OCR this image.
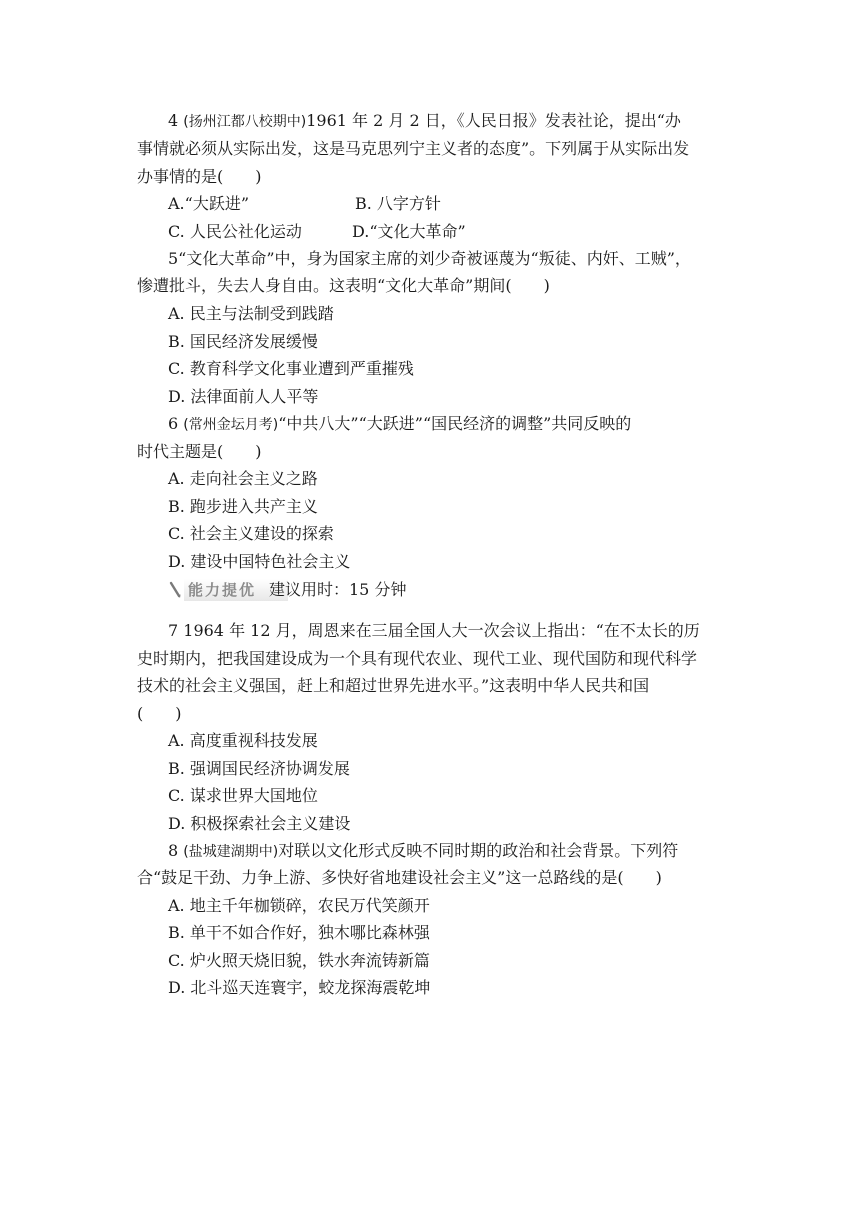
4 (扬州江都八校期中)1961 年 2 月 2 日，《人民日报》发表社论，提出“办
事情就必须从实际出发，这是马克思列宁主义者的态度”。下列属于从实际出发
办事情的是(　　)
A.“大跃进”	B. 八字方针
C. 人民公社化运动	D.“文化大革命”
5“文化大革命”中，身为国家主席的刘少奇被诬蔑为“叛徒、内奸、工贼”，
惨遭批斗，失去人身自由。这表明“文化大革命”期间(　　)
A. 民主与法制受到践踏
B. 国民经济发展缓慢
C. 教育科学文化事业遭到严重摧残
D. 法律面前人人平等
6 (常州金坛月考)“中共八大”“大跃进”“国民经济的调整”共同反映的
时代主题是(　　)
A. 走向社会主义之路
B. 跑步进入共产主义
C. 社会主义建设的探索
D. 建设中国特色社会主义
能力提优 建议用时：15 分钟
7 1964 年 12 月，周恩来在三届全国人大一次会议上指出：“在不太长的历
史时期内，把我国建设成为一个具有现代农业、现代工业、现代国防和现代科学
技术的社会主义强国，赶上和超过世界先进水平。”这表明中华人民共和国
(　　)
A. 高度重视科技发展
B. 强调国民经济协调发展
C. 谋求世界大国地位
D. 积极探索社会主义建设
8 (盐城建湖期中)对联以文化形式反映不同时期的政治和社会背景。下列符
合“鼓足干劲、力争上游、多快好省地建设社会主义”这一总路线的是(　　)
A. 地主千年枷锁碎，农民万代笑颜开
B. 单干不如合作好，独木哪比森林强
C. 炉火照天烧旧貌，铁水奔流铸新篇
D. 北斗巡天连寰宇，蛟龙探海震乾坤
